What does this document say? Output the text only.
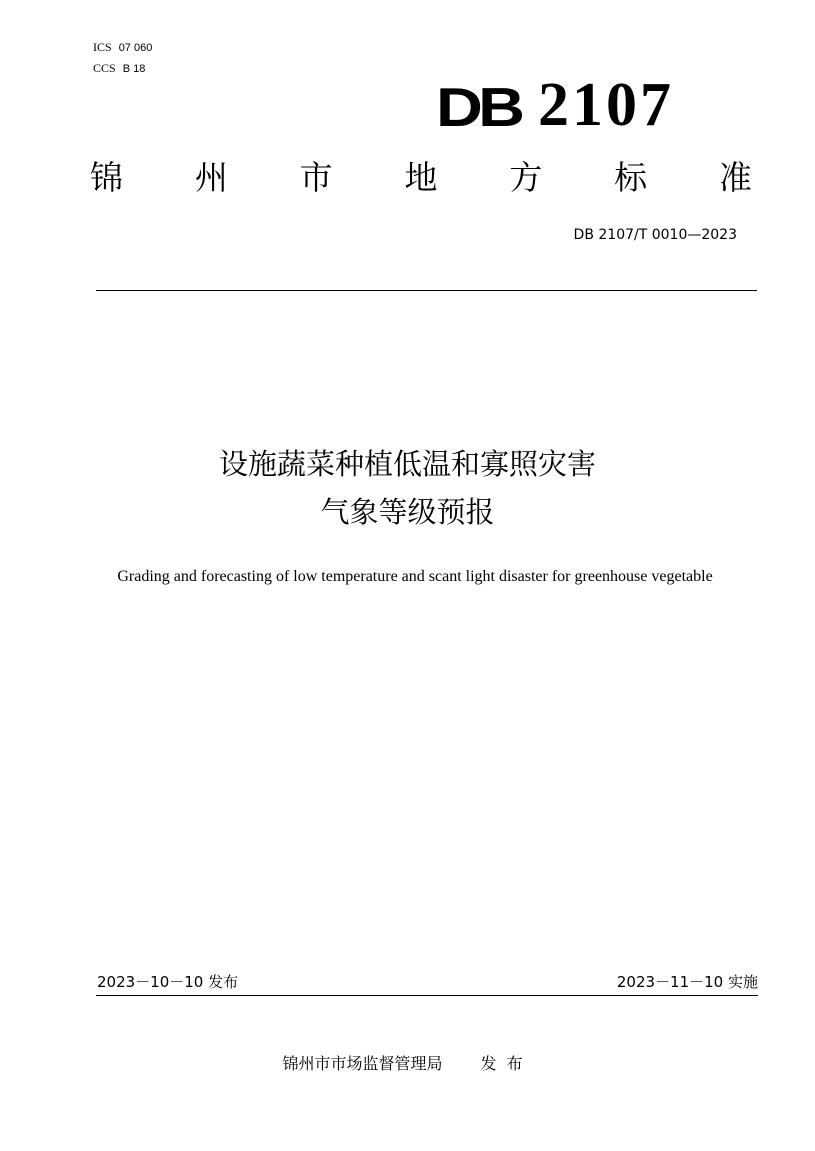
ICS 07 060
CCS B 18
DB 2107
锦 州 市 地 方 标 准
DB 2107/T 0010—2023
设施蔬菜种植低温和寡照灾害
气象等级预报
Grading and forecasting of low temperature and scant light disaster for greenhouse vegetable
2023－10－10 发布	2023－11－10 实施
锦州市市场监督管理局 发布
